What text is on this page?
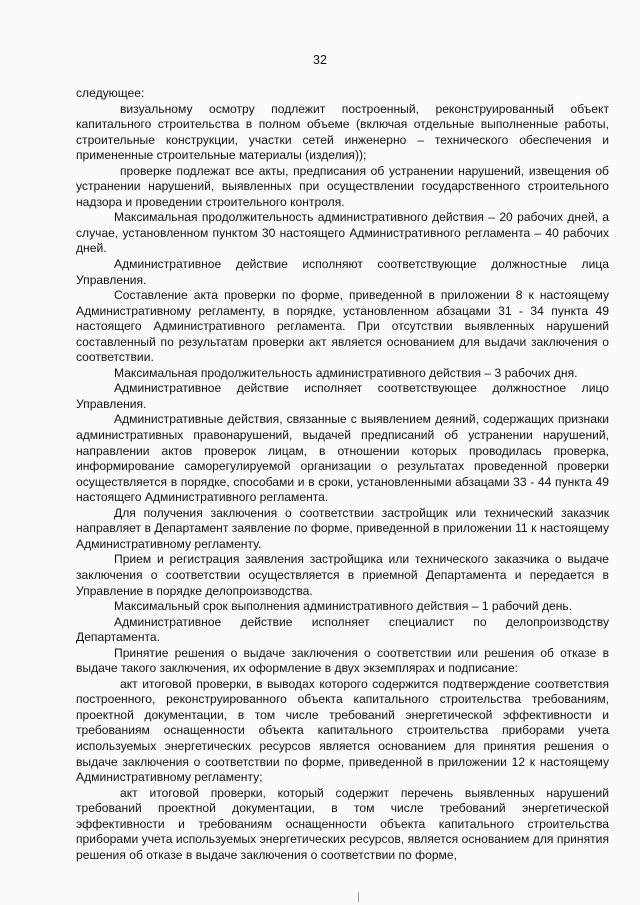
32

следующее:

визуальному осмотру подлежит построенный, реконструированный объект капитального строительства в полном объеме (включая отдельные выполненные работы, строительные конструкции, участки сетей инженерно – технического обеспечения и примененные строительные материалы (изделия));

проверке подлежат все акты, предписания об устранении нарушений, извещения об устранении нарушений, выявленных при осуществлении государственного строительного надзора и проведении строительного контроля.

Максимальная продолжительность административного действия – 20 рабочих дней, а случае, установленном пунктом 30 настоящего Административного регламента – 40 рабочих дней.

Административное действие исполняют соответствующие должностные лица Управления.

Составление акта проверки по форме, приведенной в приложении 8 к настоящему Административному регламенту, в порядке, установленном абзацами 31 - 34 пункта 49 настоящего Административного регламента. При отсутствии выявленных нарушений составленный по результатам проверки акт является основанием для выдачи заключения о соответствии.

Максимальная продолжительность административного действия – 3 рабочих дня.

Административное действие исполняет соответствующее должностное лицо Управления.

Административные действия, связанные с выявлением деяний, содержащих признаки административных правонарушений, выдачей предписаний об устранении нарушений, направлении актов проверок лицам, в отношении которых проводилась проверка, информирование саморегулируемой организации о результатах проведенной проверки осуществляется в порядке, способами и в сроки, установленными абзацами 33 - 44 пункта 49 настоящего Административного регламента.

Для получения заключения о соответствии застройщик или технический заказчик направляет в Департамент заявление по форме, приведенной в приложении 11 к настоящему Административному регламенту.

Прием и регистрация заявления застройщика или технического заказчика о выдаче заключения о соответствии осуществляется в приемной Департамента и передается в Управление в порядке делопроизводства.

Максимальный срок выполнения административного действия – 1 рабочий день.

Административное действие исполняет специалист по делопроизводству Департамента.

Принятие решения о выдаче заключения о соответствии или решения об отказе в выдаче такого заключения, их оформление в двух экземплярах и подписание:

акт итоговой проверки, в выводах которого содержится подтверждение соответствия построенного, реконструированного объекта капитального строительства требованиям, проектной документации, в том числе требований энергетической эффективности и требованиям оснащенности объекта капитального строительства приборами учета используемых энергетических ресурсов является основанием для принятия решения о выдаче заключения о соответствии по форме, приведенной в приложении 12 к настоящему Административному регламенту;

акт итоговой проверки, который содержит перечень выявленных нарушений требований проектной документации, в том числе требований энергетической эффективности и требованиям оснащенности объекта капитального строительства приборами учета используемых энергетических ресурсов, является основанием для принятия решения об отказе в выдаче заключения о соответствии по форме,
